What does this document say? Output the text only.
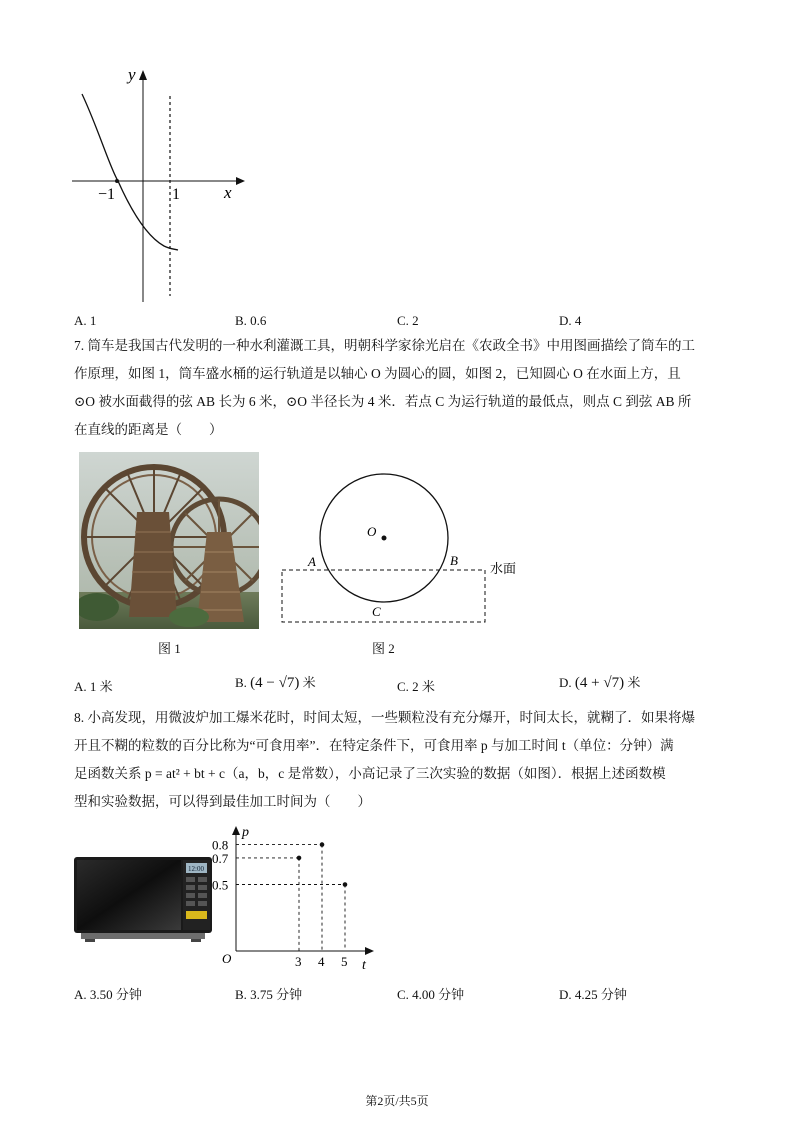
y
x
−1	1
A. 1	B. 0.6	C. 2	D. 4

7. 筒车是我国古代发明的一种水利灌溉工具，明朝科学家徐光启在《农政全书》中用图画描绘了筒车的工

作原理，如图 1，筒车盛水桶的运行轨道是以轴心 O 为圆心的圆，如图 2，已知圆心 O 在水面上方，且

⊙O 被水面截得的弦 AB 长为 6 米，⊙O 半径长为 4 米．若点 C 为运行轨道的最低点，则点 C 到弦 AB 所

在直线的距离是（　　）

图 1
O
A	B
C
水面
图 2
A. 1 米	B. (4 − √7) 米	C. 2 米	D. (4 + √7) 米

8. 小高发现，用微波炉加工爆米花时，时间太短，一些颗粒没有充分爆开，时间太长，就糊了．如果将爆

开且不糊的粒数的百分比称为“可食用率”．在特定条件下，可食用率 p 与加工时间 t（单位：分钟）满

足函数关系 p = at² + bt + c（a，b，c 是常数），小高记录了三次实验的数据（如图）．根据上述函数模

型和实验数据，可以得到最佳加工时间为（　　）

12:00
p
t
O	3 4 5
0.8
0.7
0.5
A. 3.50 分钟	B. 3.75 分钟	C. 4.00 分钟	D. 4.25 分钟
第2页/共5页
